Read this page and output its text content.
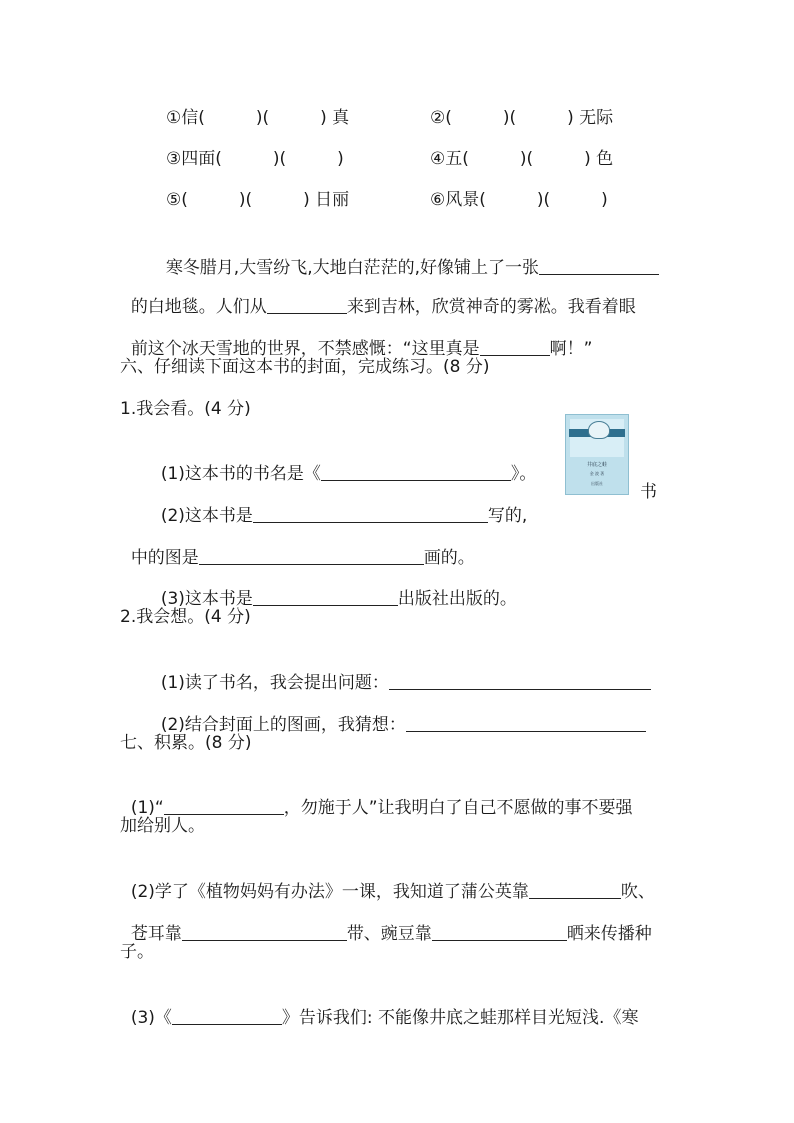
①信(　　　)(　　　) 真	②(　　　)(　　　) 无际
③四面(　　　)(　　　)	④五(　　　)(　　　) 色
⑤(　　　)(　　　) 日丽	⑥风景(　　　)(　　　)

寒冬腊月,大雪纷飞,大地白茫茫的,好像铺上了一张

的白地毯。人们从	来到吉林，欣赏神奇的雾凇。我看着眼

前这个冰天雪地的世界，不禁感慨：“这里真是	啊！”

六、仔细读下面这本书的封面，完成练习。(8 分)
1.我会看。(4 分)

(1)这本书的书名是《	》。	井底之蛙
金 波 著
出版社

(2)这本书是	写的,

书

中的图是	画的。

(3)这本书是	出版社出版的。

2.我会想。(4 分)

(1)读了书名，我会提出问题：

(2)结合封面上的图画，我猜想：

七、积累。(8 分)

(1)“	，勿施于人”让我明白了自己不愿做的事不要强

加给别人。

(2)学了《植物妈妈有办法》一课，我知道了蒲公英靠	吹、

苍耳靠	带、豌豆靠	晒来传播种

子。

(3)《	》告诉我们: 不能像井底之蛙那样目光短浅.《寒
